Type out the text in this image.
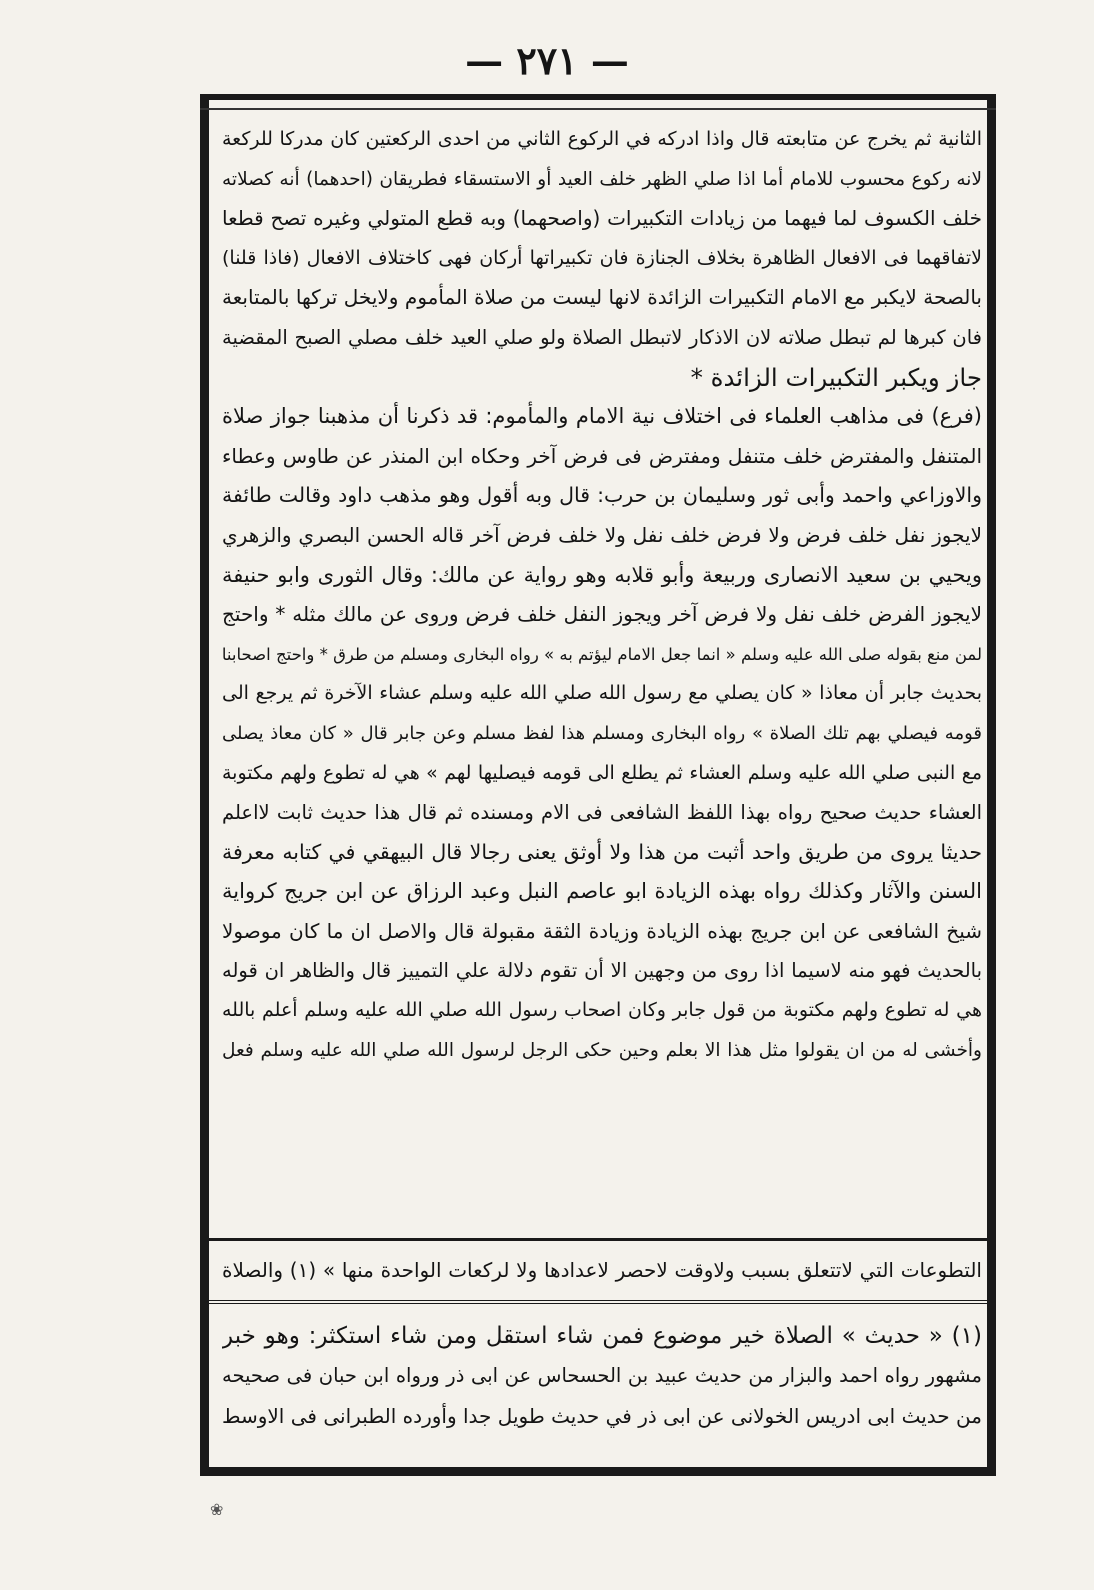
— ٢٧١ —
الثانية ثم يخرج عن متابعته قال واذا ادركه في الركوع الثاني من احدى الركعتين كان مدركا للركعة
لانه ركوع محسوب للامام أما اذا صلي الظهر خلف العيد أو الاستسقاء فطريقان (احدهما) أنه كصلاته
خلف الكسوف لما فيهما من زيادات التكبيرات (واصحهما) وبه قطع المتولي وغيره تصح قطعا
لاتفاقهما فى الافعال الظاهرة بخلاف الجنازة فان تكبيراتها أركان فهى كاختلاف الافعال (فاذا قلنا)
بالصحة لايكبر مع الامام التكبيرات الزائدة لانها ليست من صلاة المأموم ولايخل تركها بالمتابعة
فان كبرها لم تبطل صلاته لان الاذكار لاتبطل الصلاة ولو صلي العيد خلف مصلي الصبح المقضية
جاز ويكبر التكبيرات الزائدة *
(فرع) فى مذاهب العلماء فى اختلاف نية الامام والمأموم: قد ذكرنا أن مذهبنا جواز صلاة
المتنفل والمفترض خلف متنفل ومفترض فى فرض آخر وحكاه ابن المنذر عن طاوس وعطاء
والاوزاعي واحمد وأبى ثور وسليمان بن حرب: قال وبه أقول وهو مذهب داود وقالت طائفة
لايجوز نفل خلف فرض ولا فرض خلف نفل ولا خلف فرض آخر قاله الحسن البصري والزهري
ويحيي بن سعيد الانصارى وربيعة وأبو قلابه وهو رواية عن مالك: وقال الثورى وابو حنيفة
لايجوز الفرض خلف نفل ولا فرض آخر ويجوز النفل خلف فرض وروى عن مالك مثله * واحتج
لمن منع بقوله صلى الله عليه وسلم « انما جعل الامام ليؤتم به » رواه البخارى ومسلم من طرق * واحتج اصحابنا
بحديث جابر أن معاذا « كان يصلي مع رسول الله صلي الله عليه وسلم عشاء الآخرة ثم يرجع الى
قومه فيصلي بهم تلك الصلاة » رواه البخارى ومسلم هذا لفظ مسلم وعن جابر قال « كان معاذ يصلى
مع النبى صلي الله عليه وسلم العشاء ثم يطلع الى قومه فيصليها لهم » هي له تطوع ولهم مكتوبة
العشاء حديث صحيح رواه بهذا اللفظ الشافعى فى الام ومسنده ثم قال هذا حديث ثابت لااعلم
حديثا يروى من طريق واحد أثبت من هذا ولا أوثق يعنى رجالا قال البيهقي في كتابه معرفة
السنن والآثار وكذلك رواه بهذه الزيادة ابو عاصم النبل وعبد الرزاق عن ابن جريج كرواية
شيخ الشافعى عن ابن جريج بهذه الزيادة وزيادة الثقة مقبولة قال والاصل ان ما كان موصولا
بالحديث فهو منه لاسيما اذا روى من وجهين الا أن تقوم دلالة علي التمييز قال والظاهر ان قوله
هي له تطوع ولهم مكتوبة من قول جابر وكان اصحاب رسول الله صلي الله عليه وسلم أعلم بالله
وأخشى له من ان يقولوا مثل هذا الا بعلم وحين حكى الرجل لرسول الله صلي الله عليه وسلم فعل
التطوعات التي لاتتعلق بسبب ولاوقت لاحصر لاعدادها ولا لركعات الواحدة منها » (١) والصلاة
(١) « حديث » الصلاة خير موضوع فمن شاء استقل ومن شاء استكثر: وهو خبر
مشهور رواه احمد والبزار من حديث عبيد بن الحسحاس عن ابى ذر ورواه ابن حبان فى صحيحه
من حديث ابى ادريس الخولانى عن ابى ذر في حديث طويل جدا وأورده الطبرانى فى الاوسط
❀
